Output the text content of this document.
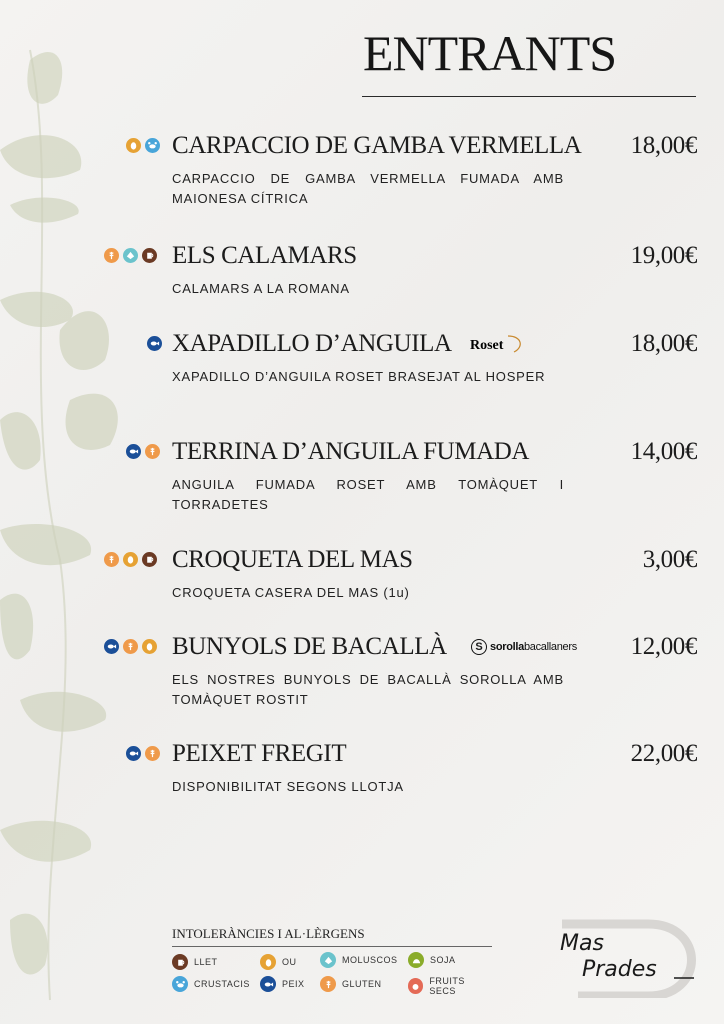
ENTRANTS
CARPACCIO DE GAMBA VERMELLA 18,00€
CARPACCIO DE GAMBA VERMELLA FUMADA AMB MAIONESA CÍTRICA
ELS CALAMARS	19,00€
CALAMARS A LA ROMANA
XAPADILLO D’ANGUILA Roset	18,00€
XAPADILLO D’ANGUILA ROSET BRASEJAT AL HOSPER
TERRINA D’ANGUILA FUMADA	14,00€
ANGUILA FUMADA ROSET AMB TOMÀQUET I TORRADETES
CROQUETA DEL MAS	3,00€
CROQUETA CASERA DEL MAS (1u)
BUNYOLS DE BACALLÀ	S sorollabacallaners 12,00€
ELS NOSTRES BUNYOLS DE BACALLÀ SOROLLA AMB TOMÀQUET ROSTIT
PEIXET FREGIT	22,00€
DISPONIBILITAT SEGONS LLOTJA
INTOLERÀNCIES I AL·LÈRGENS
LLET	OU	MOLUSCOS	SOJA
CRUSTACIS	PEIX	GLUTEN	FRUITS SECS
Mas
Prades
